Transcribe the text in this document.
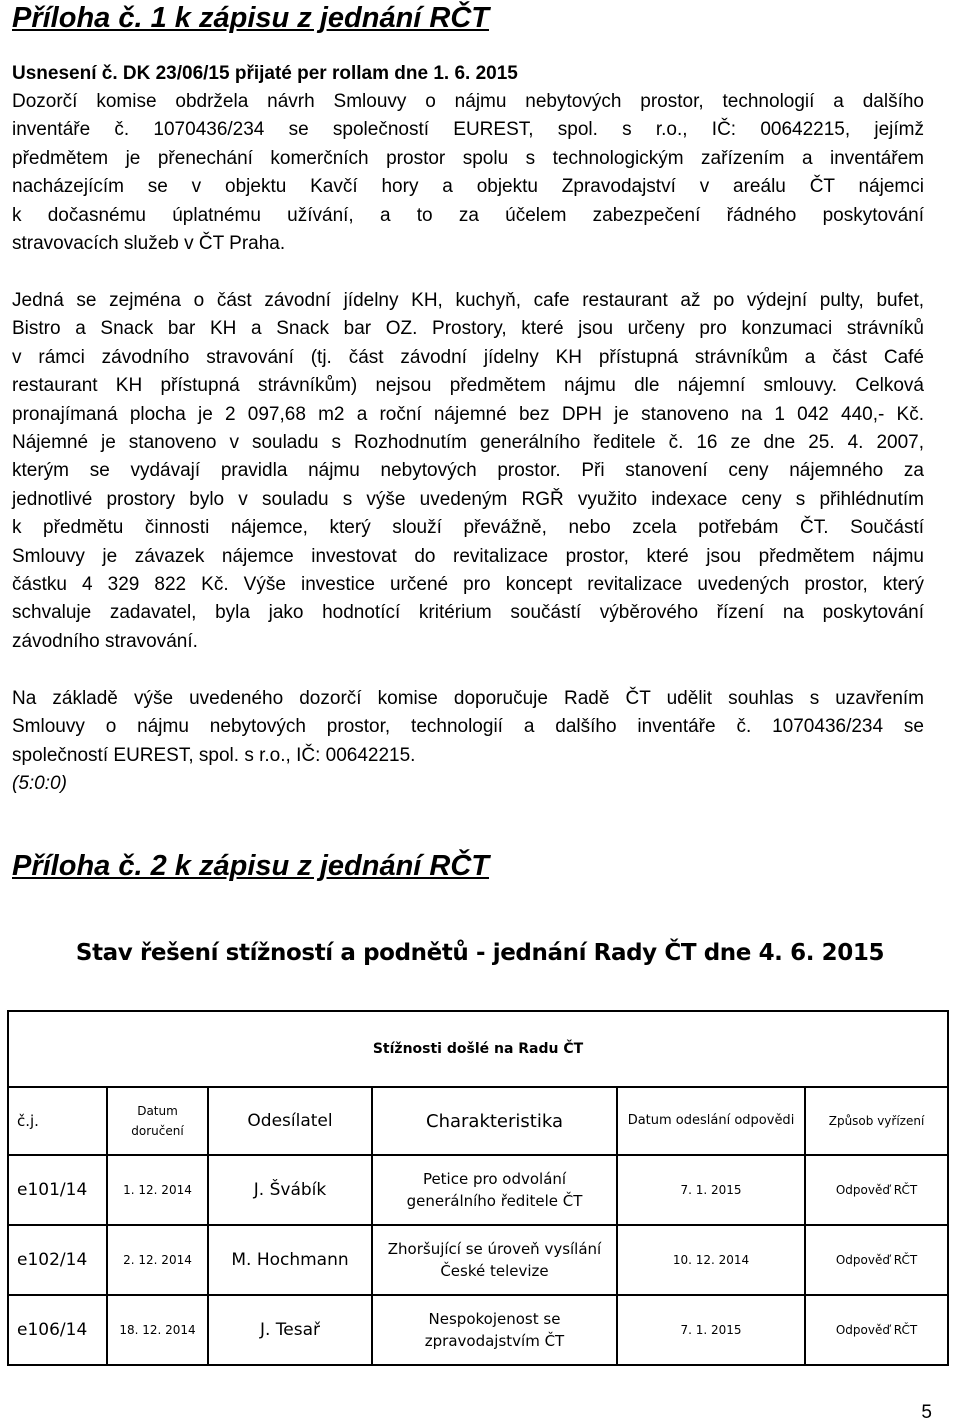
Příloha č. 1 k zápisu z jednání RČT
Usnesení č. DK 23/06/15 přijaté per rollam dne 1. 6. 2015
Dozorčí komise obdržela návrh Smlouvy o nájmu nebytových prostor, technologií a dalšího
inventáře č. 1070436/234 se společností EUREST, spol. s r.o., IČ: 00642215, jejímž
předmětem je přenechání komerčních prostor spolu s technologickým zařízením a inventářem
nacházejícím se v objektu Kavčí hory a objektu Zpravodajství v areálu ČT nájemci
k dočasnému úplatnému užívání, a to za účelem zabezpečení řádného poskytování
stravovacích služeb v ČT Praha.
Jedná se zejména o část závodní jídelny KH, kuchyň, cafe restaurant až po výdejní pulty, bufet,
Bistro a Snack bar KH a Snack bar OZ. Prostory, které jsou určeny pro konzumaci strávníků
v rámci závodního stravování (tj. část závodní jídelny KH přístupná strávníkům a část Café
restaurant KH přístupná strávníkům) nejsou předmětem nájmu dle nájemní smlouvy. Celková
pronajímaná plocha je 2 097,68 m2 a roční nájemné bez DPH je stanoveno na 1 042 440,- Kč.
Nájemné je stanoveno v souladu s Rozhodnutím generálního ředitele č. 16 ze dne 25. 4. 2007,
kterým se vydávají pravidla nájmu nebytových prostor. Při stanovení ceny nájemného za
jednotlivé prostory bylo v souladu s výše uvedeným RGŘ využito indexace ceny s přihlédnutím
k předmětu činnosti nájemce, který slouží převážně, nebo zcela potřebám ČT. Součástí
Smlouvy je závazek nájemce investovat do revitalizace prostor, které jsou předmětem nájmu
částku 4 329 822 Kč. Výše investice určené pro koncept revitalizace uvedených prostor, který
schvaluje zadavatel, byla jako hodnotící kritérium součástí výběrového řízení na poskytování
závodního stravování.
Na základě výše uvedeného dozorčí komise doporučuje Radě ČT udělit souhlas s uzavřením
Smlouvy o nájmu nebytových prostor, technologií a dalšího inventáře č. 1070436/234 se
společností EUREST, spol. s r.o., IČ: 00642215.
(5:0:0)
Příloha č. 2 k zápisu z jednání RČT
Stav řešení stížností a podnětů - jednání Rady ČT dne 4. 6. 2015
Stížnosti došlé na Radu ČT					
č.j.	Datum doručení	Odesílatel	Charakteristika	Datum odeslání odpovědi	Způsob vyřízení
e101/14	1. 12. 2014	J. Švábík	Petice pro odvolání generálního ředitele ČT	7. 1. 2015	Odpověď RČT
e102/14	2. 12. 2014	M. Hochmann	Zhoršující se úroveň vysílání České televize	10. 12. 2014	Odpověď RČT
e106/14	18. 12. 2014	J. Tesař	Nespokojenost se zpravodajstvím ČT	7. 1. 2015	Odpověď RČT
5
